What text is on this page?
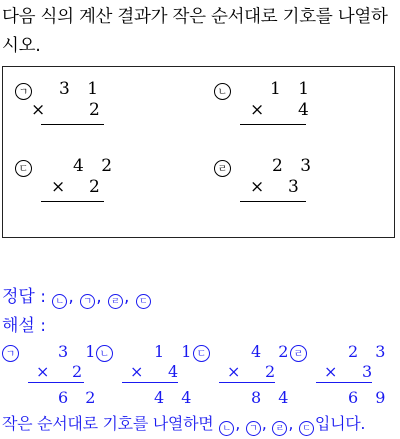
다음 식의 계산 결과가 작은 순서대로 기호를 나열하
시오.
ㄱ 3 1
×	2
ㄴ	1 1
× 4
ㄷ	4 2
× 2
ㄹ	2 3
× 3
정답 : ㄴ , ㄱ , ㄹ , ㄷ
해설 :
ㄱ	3 1
× 2
6 2
ㄴ	1 1
× 4
4 4
ㄷ	4 2
× 2
8 4
ㄹ	2 3
× 3
6 9
작은 순서대로 기호를 나열하면 ㄴ , ㄱ , ㄹ , ㄷ 입니다.
